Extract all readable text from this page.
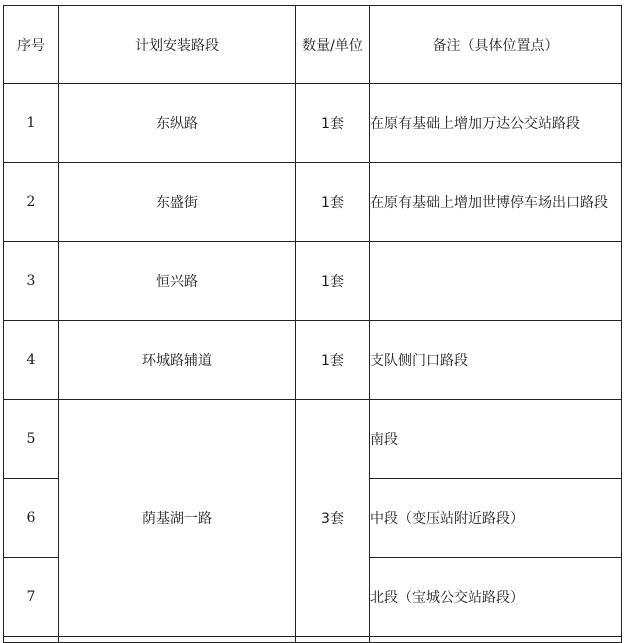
序号	计划安装路段	数量/单位	备注（具体位置点）
1	东纵路	1套	在原有基础上增加万达公交站路段
2	东盛街	1套	在原有基础上增加世博停车场出口路段
3	恒兴路	1套	
4	环城路辅道	1套	支队侧门口路段
5	荫基湖一路	3套	南段
6			中段（变压站附近路段）
7			北段（宝城公交站路段）
